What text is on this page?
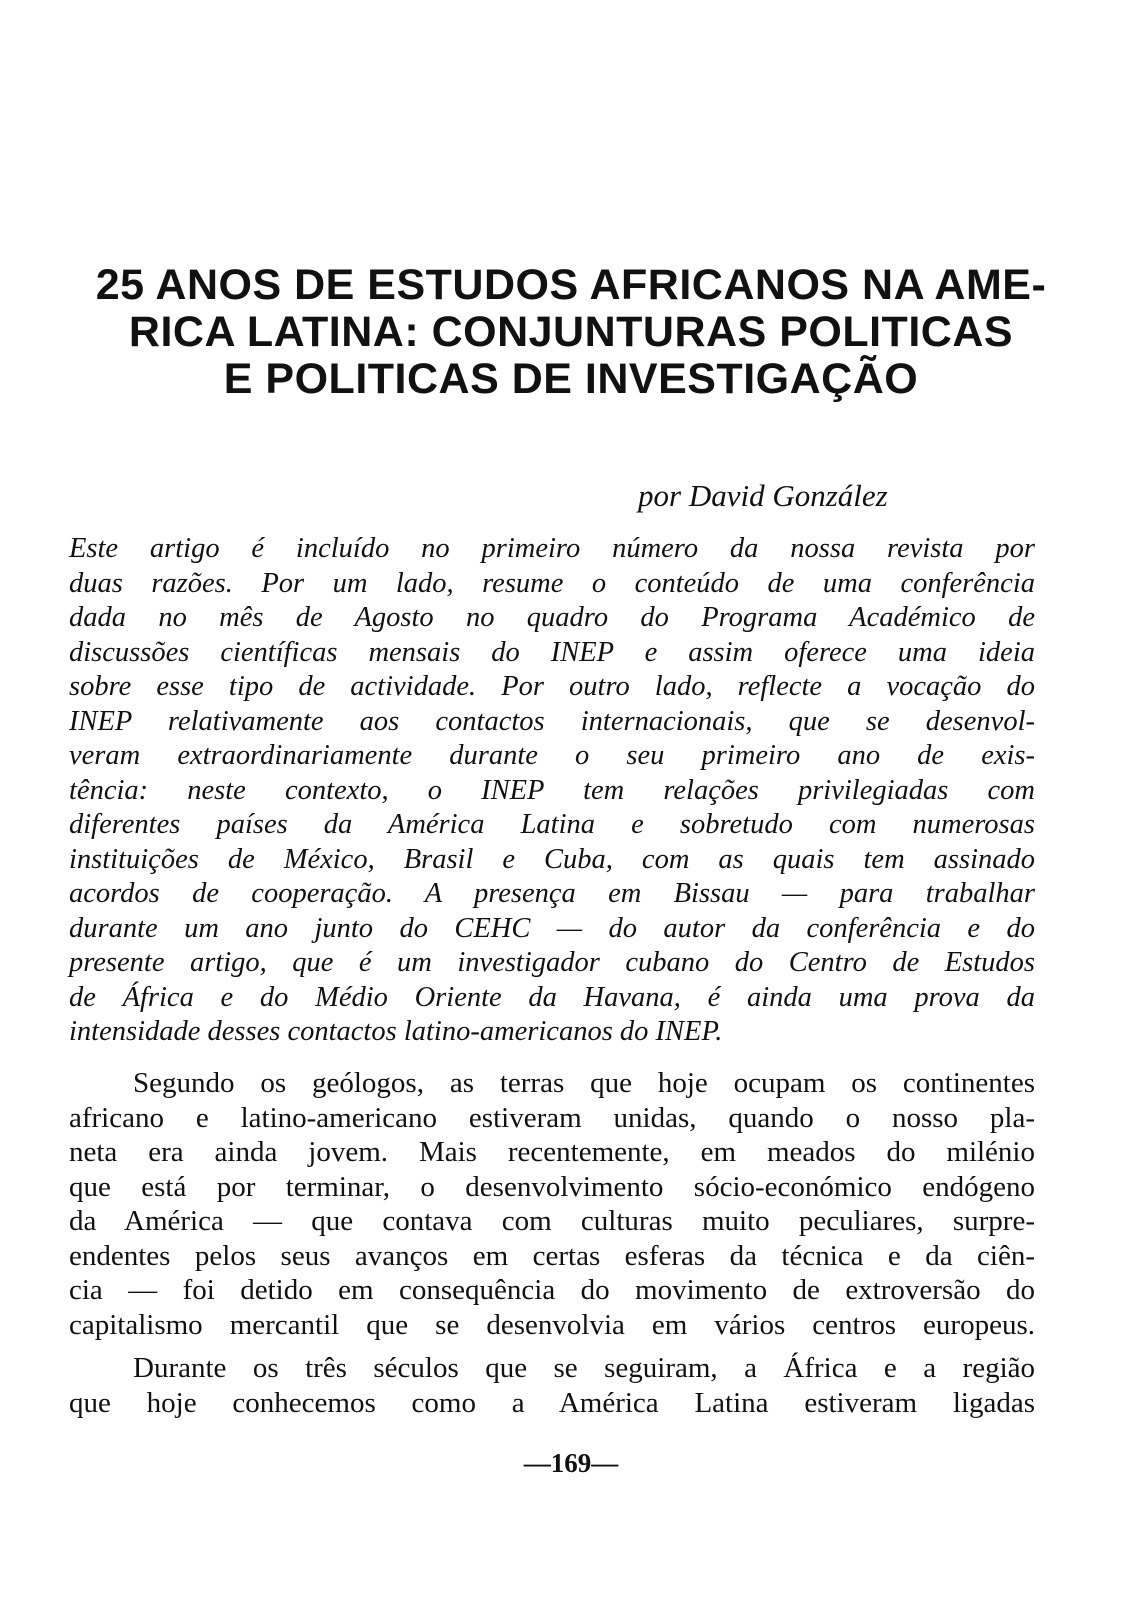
25 ANOS DE ESTUDOS AFRICANOS NA AME-
RICA LATINA: CONJUNTURAS POLITICAS
E POLITICAS DE INVESTIGAÇÃO
por David González
Este artigo é incluído no primeiro número da nossa revista por
duas razões. Por um lado, resume o conteúdo de uma conferência
dada no mês de Agosto no quadro do Programa Académico de
discussões científicas mensais do INEP e assim oferece uma ideia
sobre esse tipo de actividade. Por outro lado, reflecte a vocação do
INEP relativamente aos contactos internacionais, que se desenvol-
veram extraordinariamente durante o seu primeiro ano de exis-
tência: neste contexto, o INEP tem relações privilegiadas com
diferentes países da América Latina e sobretudo com numerosas
instituições de México, Brasil e Cuba, com as quais tem assinado
acordos de cooperação. A presença em Bissau — para trabalhar
durante um ano junto do CEHC — do autor da conferência e do
presente artigo, que é um investigador cubano do Centro de Estudos
de África e do Médio Oriente da Havana, é ainda uma prova da
intensidade desses contactos latino-americanos do INEP.
Segundo os geólogos, as terras que hoje ocupam os continentes
africano e latino-americano estiveram unidas, quando o nosso pla-
neta era ainda jovem. Mais recentemente, em meados do milénio
que está por terminar, o desenvolvimento sócio-económico endógeno
da América — que contava com culturas muito peculiares, surpre-
endentes pelos seus avanços em certas esferas da técnica e da ciên-
cia — foi detido em consequência do movimento de extroversão do
capitalismo mercantil que se desenvolvia em vários centros europeus.
Durante os três séculos que se seguiram, a África e a região
que hoje conhecemos como a América Latina estiveram ligadas
—169—
